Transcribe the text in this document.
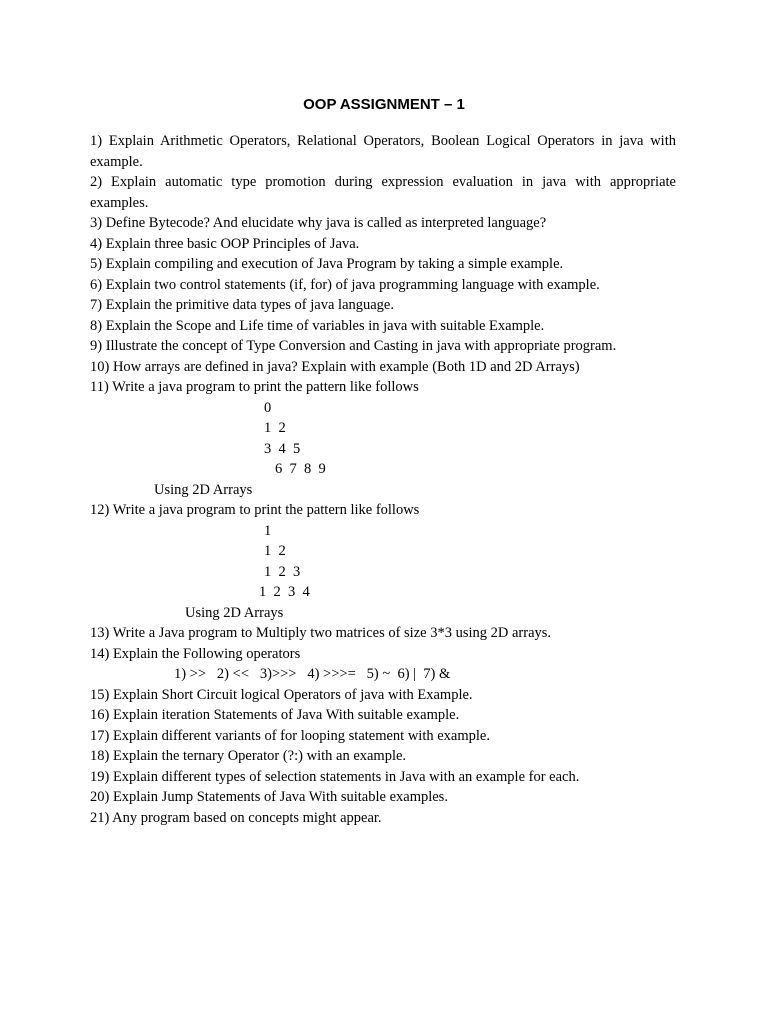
OOP ASSIGNMENT – 1
1) Explain Arithmetic Operators, Relational Operators, Boolean Logical Operators in java with example.
2) Explain automatic type promotion during expression evaluation in java with appropriate examples.
3) Define Bytecode? And elucidate why java is called as interpreted language?
4) Explain three basic OOP Principles of Java.
5) Explain compiling and execution of Java Program by taking a simple example.
6) Explain two control statements (if, for) of java programming language with example.
7) Explain the primitive data types of java language.
8) Explain the Scope and Life time of variables in java with suitable Example.
9) Illustrate the concept of Type Conversion and Casting in java with appropriate program.
10) How arrays are defined in java? Explain with example (Both 1D and 2D Arrays)
11) Write a java program to print the pattern like follows
0
1  2
3  4  5
6  7  8  9
Using 2D Arrays
12) Write a java program to print the pattern like follows
1
1  2
1  2  3
1  2  3  4
Using 2D Arrays
13) Write a Java program to Multiply two matrices of size 3*3 using 2D arrays.
14) Explain the Following operators
1) >>   2) <<   3)>>>   4) >>>=   5) ~  6) |  7) &
15) Explain Short Circuit logical Operators of java with Example.
16) Explain iteration Statements of Java With suitable example.
17) Explain different variants of for looping statement with example.
18) Explain the ternary Operator (?:) with an example.
19) Explain different types of selection statements in Java with an example for each.
20) Explain Jump Statements of Java With suitable examples.
21) Any program based on concepts might appear.
